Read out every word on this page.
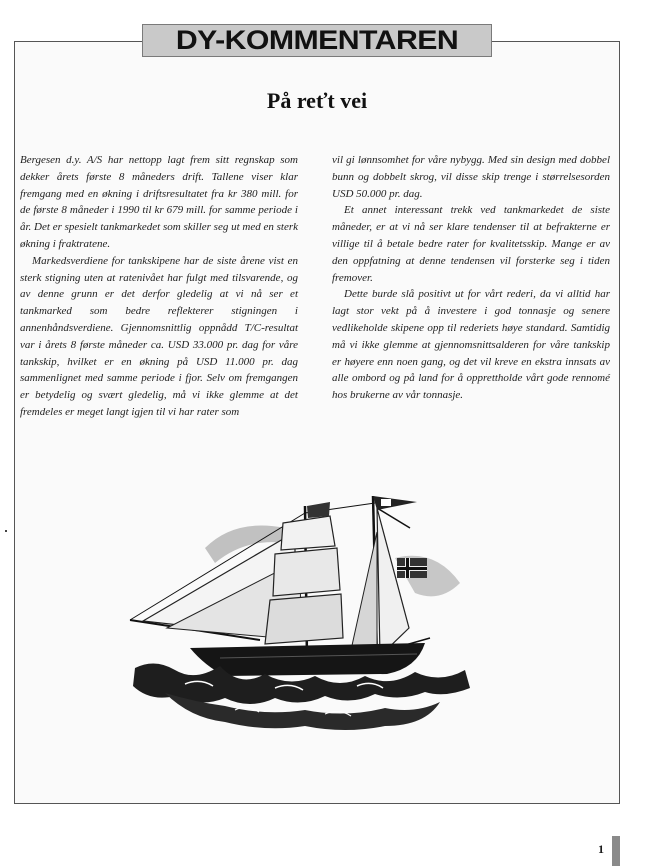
DY-KOMMENTAREN
På reťt vei

Bergesen d.y. A/S har nettopp lagt frem sitt regnskap som dekker årets første 8 måneders drift. Tallene viser klar fremgang med en økning i driftsresultatet fra kr 380 mill. for de første 8 måneder i 1990 til kr 679 mill. for samme periode i år. Det er spesielt tankmarkedet som skiller seg ut med en sterk økning i fraktratene.

Markedsverdiene for tankskipene har de siste årene vist en sterk stigning uten at ratenivået har fulgt med tilsvarende, og av denne grunn er det derfor gledelig at vi nå ser et tankmarked som bedre reflekterer stigningen i annenhåndsverdiene. Gjennomsnittlig oppnådd T/C-resultat var i årets 8 første måneder ca. USD 33.000 pr. dag for våre tankskip, hvilket er en økning på USD 11.000 pr. dag sammenlignet med samme periode i fjor. Selv om fremgangen er betydelig og svært gledelig, må vi ikke glemme at det fremdeles er meget langt igjen til vi har rater som

vil gi lønnsomhet for våre nybygg. Med sin design med dobbel bunn og dobbelt skrog, vil disse skip trenge i størrelsesorden USD 50.000 pr. dag.

Et annet interessant trekk ved tankmarkedet de siste måneder, er at vi nå ser klare tendenser til at befrakterne er villige til å betale bedre rater for kvalitetsskip. Mange er av den oppfatning at denne tendensen vil forsterke seg i tiden fremover.

Dette burde slå positivt ut for vårt rederi, da vi alltid har lagt stor vekt på å investere i god tonnasje og senere vedlikeholde skipene opp til rederiets høye standard. Samtidig må vi ikke glemme at gjennomsnittsalderen for våre tankskip er høyere enn noen gang, og det vil kreve en ekstra innsats av alle ombord og på land for å opprettholde vårt gode rennomé hos brukerne av vår tonnasje.

1
